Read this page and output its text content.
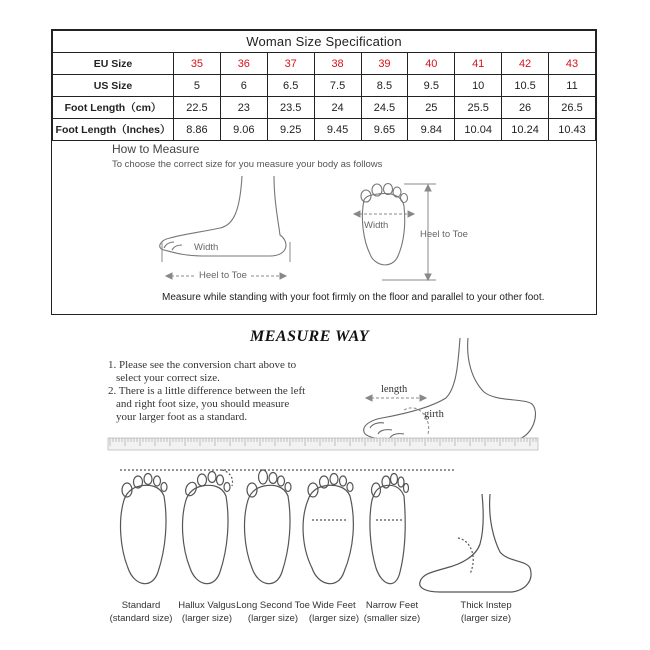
Woman Size Specification									
EU Size	35	36	37	38	39	40	41	42	43
US Size	5	6	6.5	7.5	8.5	9.5	10	10.5	11
Foot Length（cm）	22.5	23	23.5	24	24.5	25	25.5	26	26.5
Foot Length（Inches）	8.86	9.06	9.25	9.45	9.65	9.84	10.04	10.24	10.43
How to Measure
To choose the correct size for you measure your body as follows
Width
Heel to Toe
Width
Heel to Toe
Measure while standing with your foot firmly on the floor and parallel to your other foot.
MEASURE WAY
1. Please see the conversion chart above to
select your correct size.
2. There is a little difference between the left
and right foot size, you should measure
your larger foot as a standard.
Standard
(standard size)
Hallux Valgus
(larger size)
Long Second Toe
(larger size)
Wide Feet
(larger size)
Narrow Feet
(smaller size)
Thick Instep
(larger size)
length
girth
